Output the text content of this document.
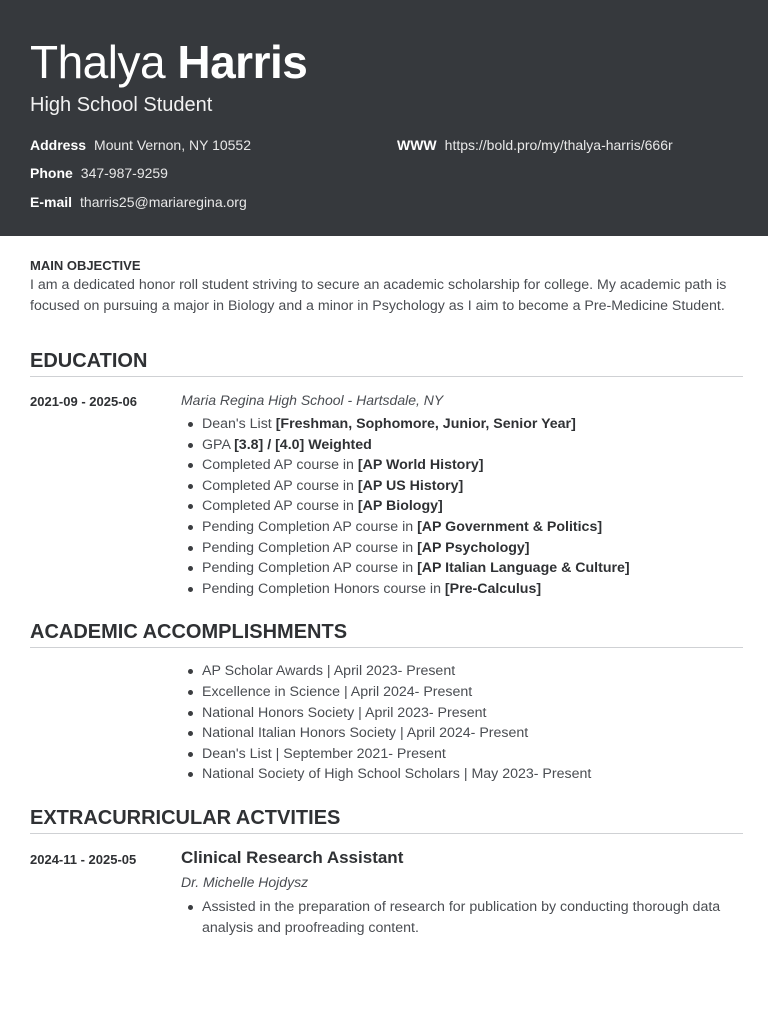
Thalya Harris
High School Student
Address Mount Vernon, NY 10552
Phone 347-987-9259
E-mail tharris25@mariaregina.org
WWW https://bold.pro/my/thalya-harris/666r
MAIN OBJECTIVE
I am a dedicated honor roll student striving to secure an academic scholarship for college. My academic path is focused on pursuing a major in Biology and a minor in Psychology as I aim to become a Pre-Medicine Student.
EDUCATION
2021-09 - 2025-06	Maria Regina High School - Hartsdale, NY
Dean's List [Freshman, Sophomore, Junior, Senior Year]
GPA [3.8] / [4.0] Weighted
Completed AP course in [AP World History]
Completed AP course in [AP US History]
Completed AP course in [AP Biology]
Pending Completion AP course in [AP Government & Politics]
Pending Completion AP course in [AP Psychology]
Pending Completion AP course in [AP Italian Language & Culture]
Pending Completion Honors course in [Pre-Calculus]
ACADEMIC ACCOMPLISHMENTS
AP Scholar Awards | April 2023- Present
Excellence in Science | April 2024- Present
National Honors Society | April 2023- Present
National Italian Honors Society | April 2024- Present
Dean's List | September 2021- Present
National Society of High School Scholars | May 2023- Present
EXTRACURRICULAR ACTVITIES
2024-11 - 2025-05	Clinical Research Assistant
Dr. Michelle Hojdysz
Assisted in the preparation of research for publication by conducting thorough data analysis and proofreading content.
